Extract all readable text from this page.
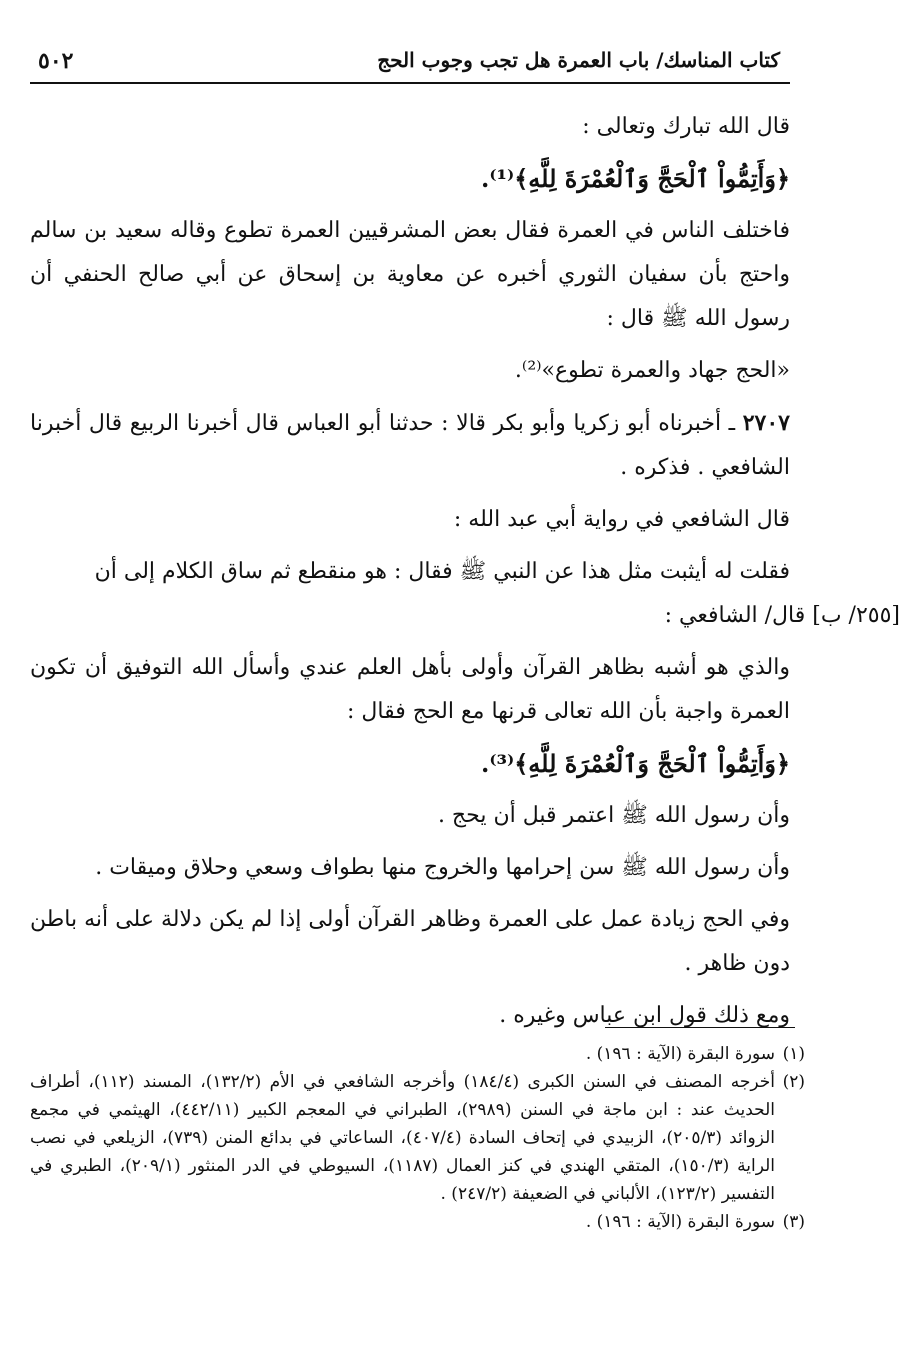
٥٠٢	كتاب المناسك/ باب العمرة هل تجب وجوب الحج

قال الله تبارك وتعالى :

﴿وَأَتِمُّواْ ٱلْحَجَّ وَٱلْعُمْرَةَ لِلَّهِ﴾⁽¹⁾.

فاختلف الناس في العمرة فقال بعض المشرقيين العمرة تطوع وقاله سعيد بن سالم واحتج بأن سفيان الثوري أخبره عن معاوية بن إسحاق عن أبي صالح الحنفي أن رسول الله ﷺ قال :

«الحج جهاد والعمرة تطوع»⁽²⁾.

٢٧٠٧ ـ أخبرناه أبو زكريا وأبو بكر قالا : حدثنا أبو العباس قال أخبرنا الربيع قال أخبرنا الشافعي . فذكره .

قال الشافعي في رواية أبي عبد الله :

فقلت له أيثبت مثل هذا عن النبي ﷺ فقال : هو منقطع ثم ساق الكلام إلى أن
[٢٥٥/ ب] قال/ الشافعي :

والذي هو أشبه بظاهر القرآن وأولى بأهل العلم عندي وأسأل الله التوفيق أن تكون العمرة واجبة بأن الله تعالى قرنها مع الحج فقال :

﴿وَأَتِمُّواْ ٱلْحَجَّ وَٱلْعُمْرَةَ لِلَّهِ﴾⁽³⁾.

وأن رسول الله ﷺ اعتمر قبل أن يحج .

وأن رسول الله ﷺ سن إحرامها والخروج منها بطواف وسعي وحلاق وميقات .

وفي الحج زيادة عمل على العمرة وظاهر القرآن أولى إذا لم يكن دلالة على أنه باطن دون ظاهر .

ومع ذلك قول ابن عباس وغيره .

(١)
سورة البقرة (الآية : ١٩٦) .

(٢)
أخرجه المصنف في السنن الكبرى (١٨٤/٤) وأخرجه الشافعي في الأم (١٣٢/٢)، المسند (١١٢)، أطراف الحديث عند : ابن ماجة في السنن (٢٩٨٩)، الطبراني في المعجم الكبير (٤٤٢/١١)، الهيثمي في مجمع الزوائد (٢٠٥/٣)، الزبيدي في إتحاف السادة (٤٠٧/٤)، الساعاتي في بدائع المنن (٧٣٩)، الزيلعي في نصب الراية (١٥٠/٣)، المتقي الهندي في كنز العمال (١١٨٧)، السيوطي في الدر المنثور (٢٠٩/١)، الطبري في التفسير (١٢٣/٢)، الألباني في الضعيفة (٢٤٧/٢) .

(٣)
سورة البقرة (الآية : ١٩٦) .
